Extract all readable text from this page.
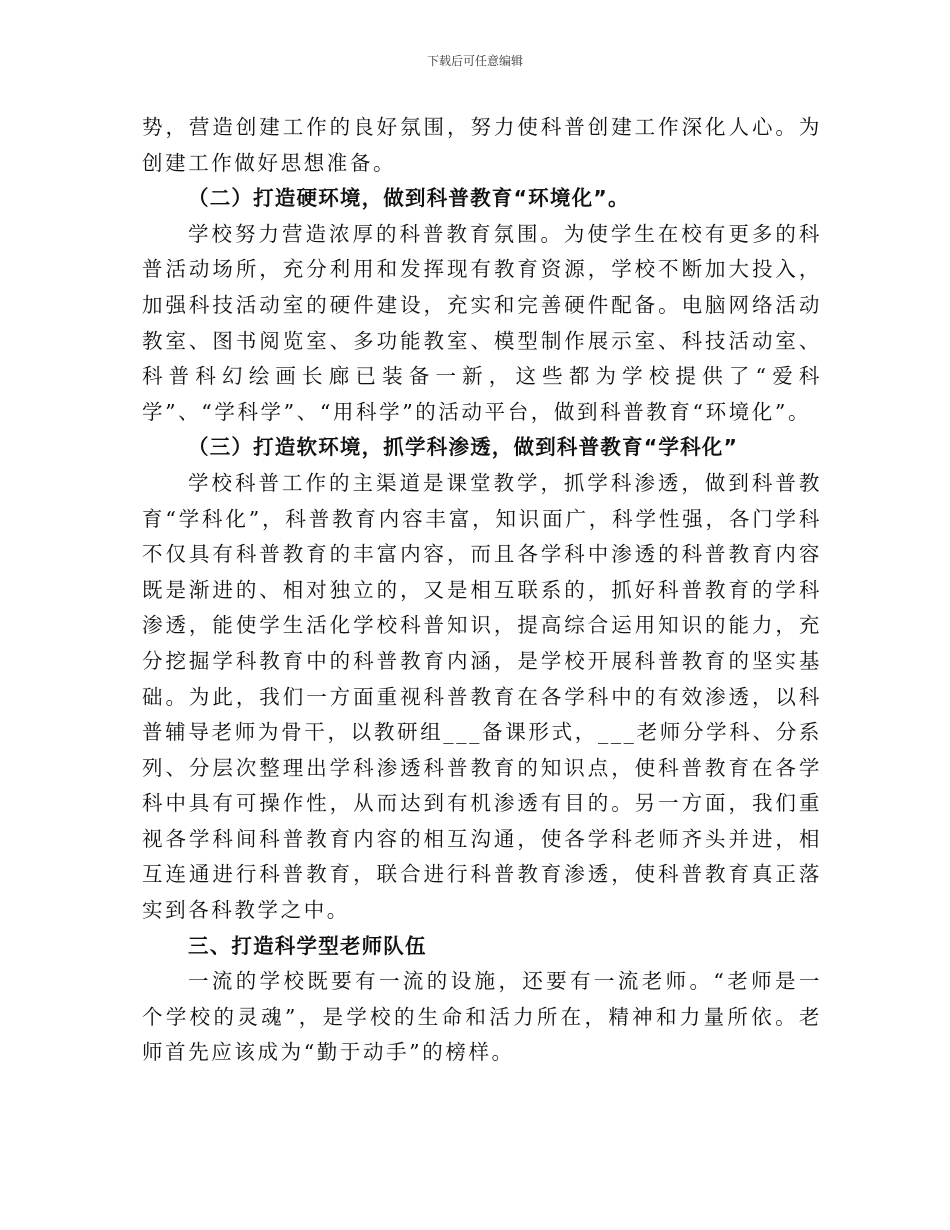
下载后可任意编辑

势，营造创建工作的良好氛围，努力使科普创建工作深化人心。为创建工作做好思想准备。

（二）打造硬环境，做到科普教育“环境化”。

学校努力营造浓厚的科普教育氛围。为使学生在校有更多的科普活动场所，充分利用和发挥现有教育资源，学校不断加大投入，加强科技活动室的硬件建设，充实和完善硬件配备。电脑网络活动教室、图书阅览室、多功能教室、模型制作展示室、科技活动室、科普科幻绘画长廊已装备一新，这些都为学校提供了“爱科学”、“学科学”、“用科学”的活动平台，做到科普教育“环境化”。

（三）打造软环境，抓学科渗透，做到科普教育“学科化”

学校科普工作的主渠道是课堂教学，抓学科渗透，做到科普教育“学科化”，科普教育内容丰富，知识面广，科学性强，各门学科不仅具有科普教育的丰富内容，而且各学科中渗透的科普教育内容既是渐进的、相对独立的，又是相互联系的，抓好科普教育的学科渗透，能使学生活化学校科普知识，提高综合运用知识的能力，充分挖掘学科教育中的科普教育内涵，是学校开展科普教育的坚实基础。为此，我们一方面重视科普教育在各学科中的有效渗透，以科普辅导老师为骨干，以教研组___备课形式，___老师分学科、分系列、分层次整理出学科渗透科普教育的知识点，使科普教育在各学科中具有可操作性，从而达到有机渗透有目的。另一方面，我们重视各学科间科普教育内容的相互沟通，使各学科老师齐头并进，相互连通进行科普教育，联合进行科普教育渗透，使科普教育真正落实到各科教学之中。

三、打造科学型老师队伍

一流的学校既要有一流的设施，还要有一流老师。“老师是一个学校的灵魂”，是学校的生命和活力所在，精神和力量所依。老师首先应该成为“勤于动手”的榜样。
